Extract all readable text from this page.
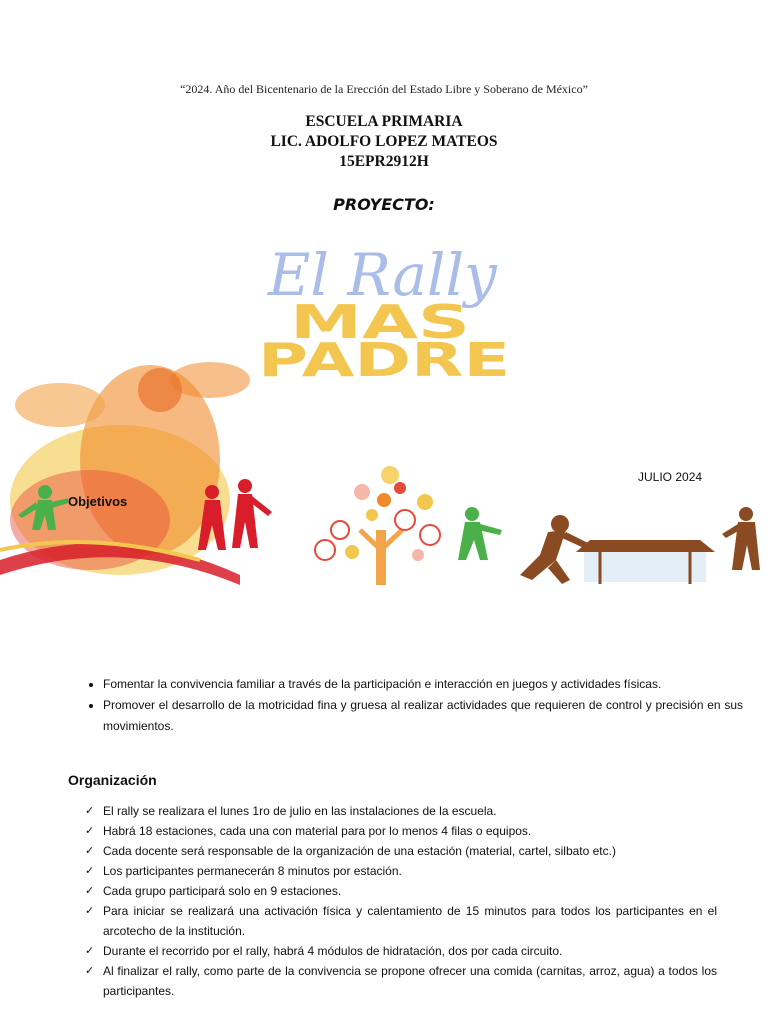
“2024. Año del Bicentenario de la Erección del Estado Libre y Soberano de México”
ESCUELA PRIMARIA
LIC. ADOLFO LOPEZ MATEOS
15EPR2912H
PROYECTO:
El Rally
MAS
PADRE
JULIO 2024
Objetivos
• Fomentar la convivencia familiar a través de la participación e interacción en juegos y actividades físicas.
• Promover el desarrollo de la motricidad fina y gruesa al realizar actividades que requieren de control y precisión en sus movimientos.
Organización
✓ El rally se realizara el lunes 1ro de julio en las instalaciones de la escuela.
✓ Habrá 18 estaciones, cada una con material para por lo menos 4 filas o equipos.
✓ Cada docente será responsable de la organización de una estación (material, cartel, silbato etc.)
✓ Los participantes permanecerán 8 minutos por estación.
✓ Cada grupo participará solo en 9 estaciones.
✓ Para iniciar se realizará una activación física y calentamiento de 15 minutos para todos los participantes en el arcotecho de la institución.
✓ Durante el recorrido por el rally, habrá 4 módulos de hidratación, dos por cada circuito.
✓ Al finalizar el rally, como parte de la convivencia se propone ofrecer una comida (carnitas, arroz, agua) a todos los participantes.
